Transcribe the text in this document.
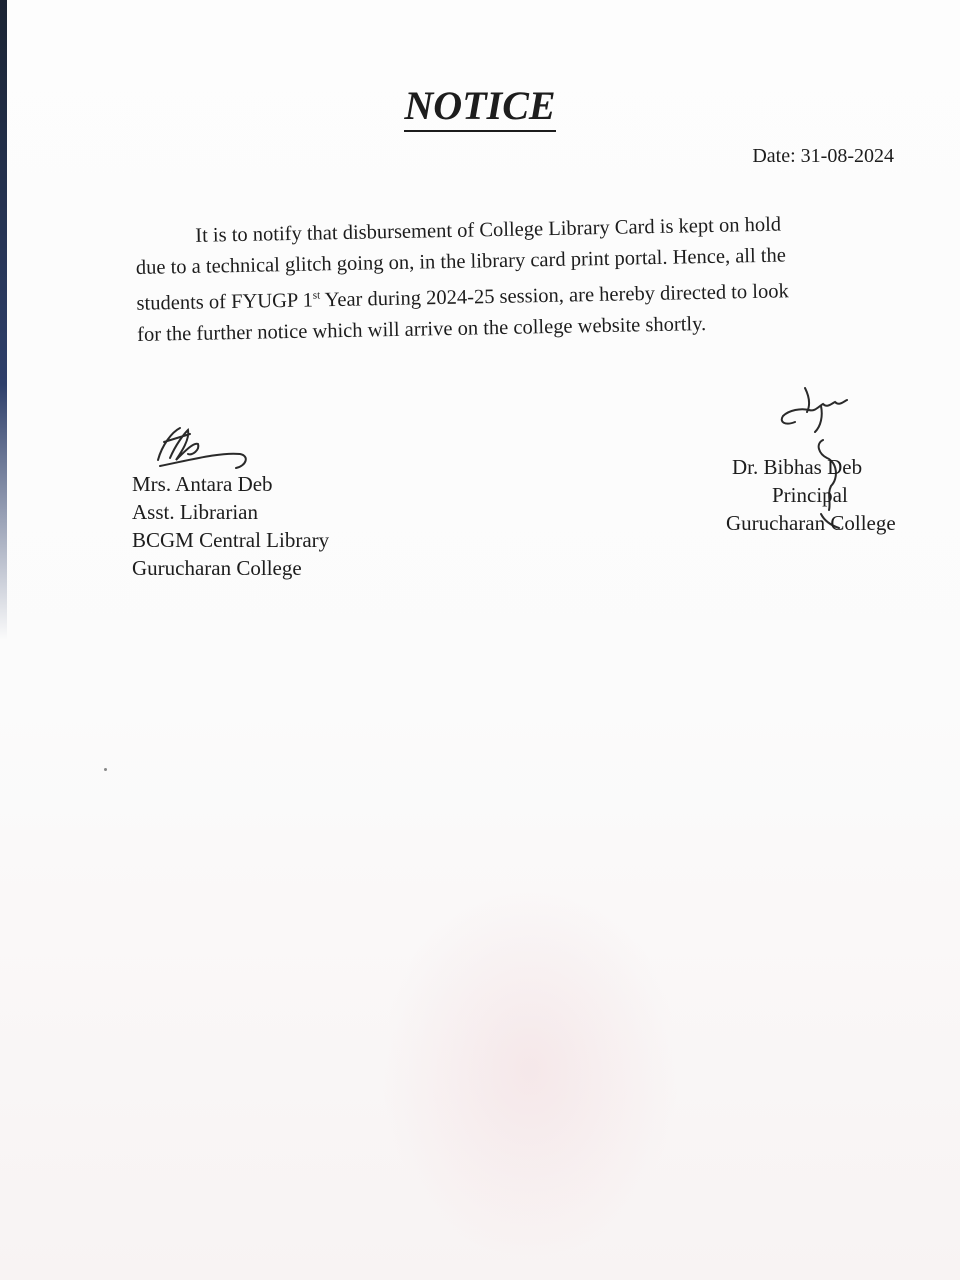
NOTICE
Date: 31-08-2024

It is to notify that disbursement of College Library Card is kept on hold

due to a technical glitch going on, in the library card print portal. Hence, all the

students of FYUGP 1st Year during 2024-25 session, are hereby directed to look

for the further notice which will arrive on the college website shortly.

Mrs. Antara Deb
Asst. Librarian
BCGM Central Library
Gurucharan College
Dr. Bibhas Deb
Principal
Gurucharan College
